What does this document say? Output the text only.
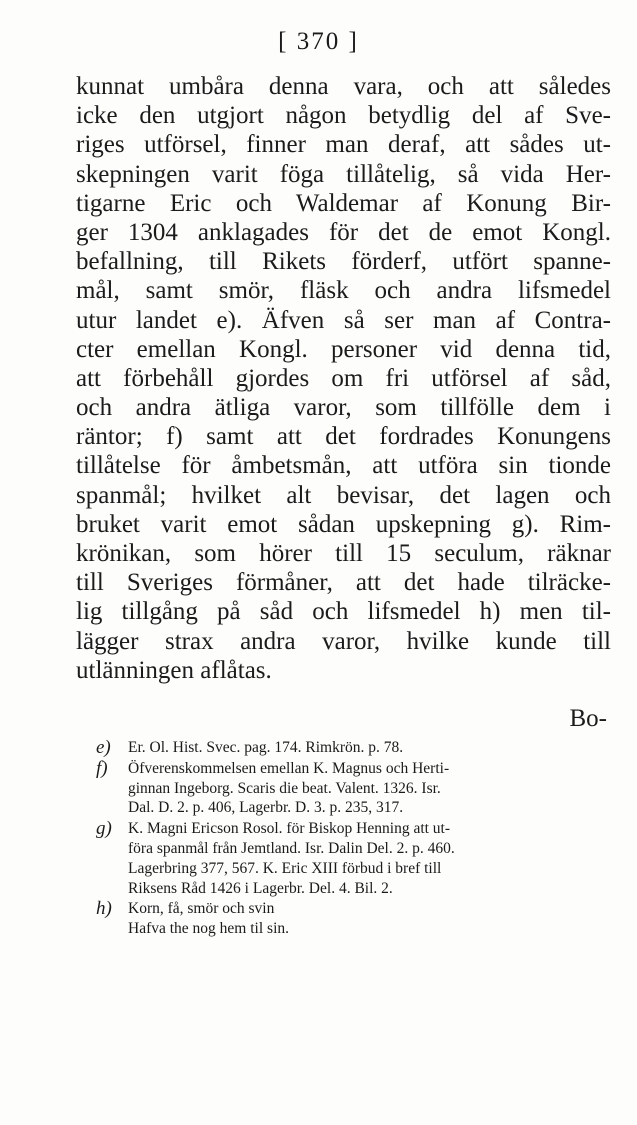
[ 370 ]
kunnat umbåra denna vara, och att således
icke den utgjort någon betydlig del af Sve-
riges utförsel, finner man deraf, att sådes ut-
skepningen varit föga tillåtelig, så vida Her-
tigarne Eric och Waldemar af Konung Bir-
ger 1304 anklagades för det de emot Kongl.
befallning, till Rikets förderf, utfört spanne-
mål, samt smör, fläsk och andra lifsmedel
utur landet e). Äfven så ser man af Contra-
cter emellan Kongl. personer vid denna tid,
att förbehåll gjordes om fri utförsel af såd,
och andra ätliga varor, som tillfölle dem i
räntor; f) samt att det fordrades Konungens
tillåtelse för åmbetsmån, att utföra sin tionde
spanmål; hvilket alt bevisar, det lagen och
bruket varit emot sådan upskepning g). Rim-
krönikan, som hörer till 15 seculum, räknar
till Sveriges förmåner, att det hade tilräcke-
lig tillgång på såd och lifsmedel h) men til-
lägger strax andra varor, hvilke kunde till
utlänningen aflåtas.
Bo-
e) Er. Ol. Hist. Svec. pag. 174. Rimkrön. p. 78.
f) Öfverenskommelsen emellan K. Magnus och Herti-
ginnan Ingeborg. Scaris die beat. Valent. 1326. Isr.
Dal. D. 2. p. 406, Lagerbr. D. 3. p. 235, 317.
g) K. Magni Ericson Rosol. för Biskop Henning att ut-
föra spanmål från Jemtland. Isr. Dalin Del. 2. p. 460.
Lagerbring 377, 567. K. Eric XIII förbud i bref till
Riksens Råd 1426 i Lagerbr. Del. 4. Bil. 2.
h) Korn, få, smör och svin
Hafva the nog hem til sin.
